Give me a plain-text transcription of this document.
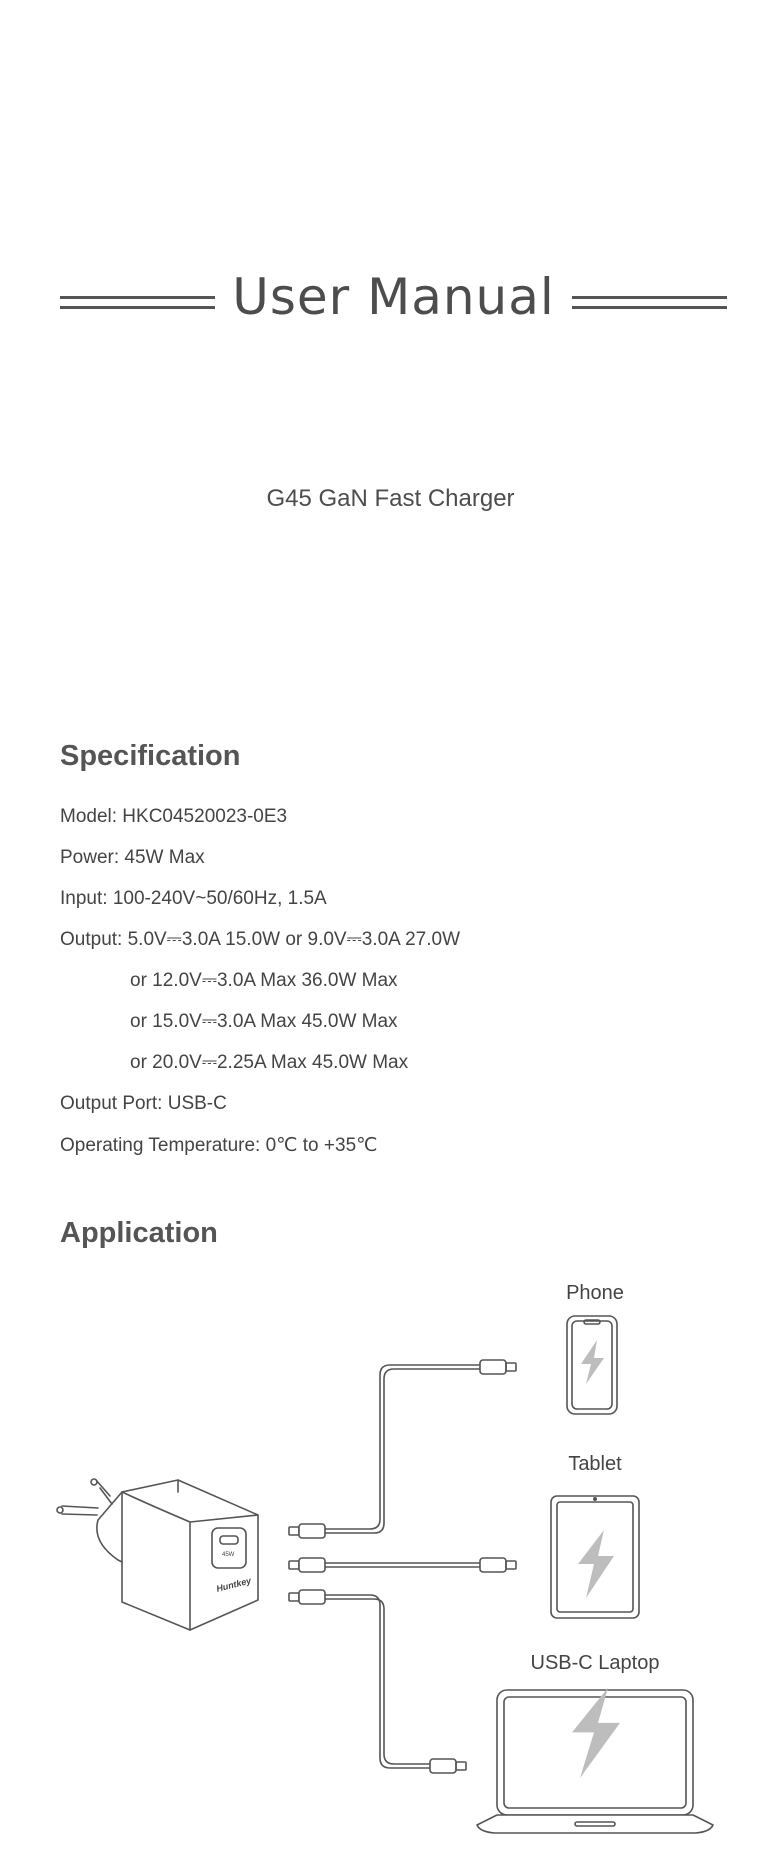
User Manual
G45 GaN Fast Charger
Specification
Model: HKC04520023-0E3
Power: 45W Max
Input: 100-240V~50/60Hz, 1.5A
Output: 5.0V⎓3.0A 15.0W or 9.0V⎓3.0A 27.0W
or 12.0V⎓3.0A Max 36.0W Max
or 15.0V⎓3.0A Max 45.0W Max
or 20.0V⎓2.25A Max 45.0W Max
Output Port: USB-C
Operating Temperature: 0℃ to +35℃
Application
Phone
Tablet
USB-C Laptop
Huntkey
45W
